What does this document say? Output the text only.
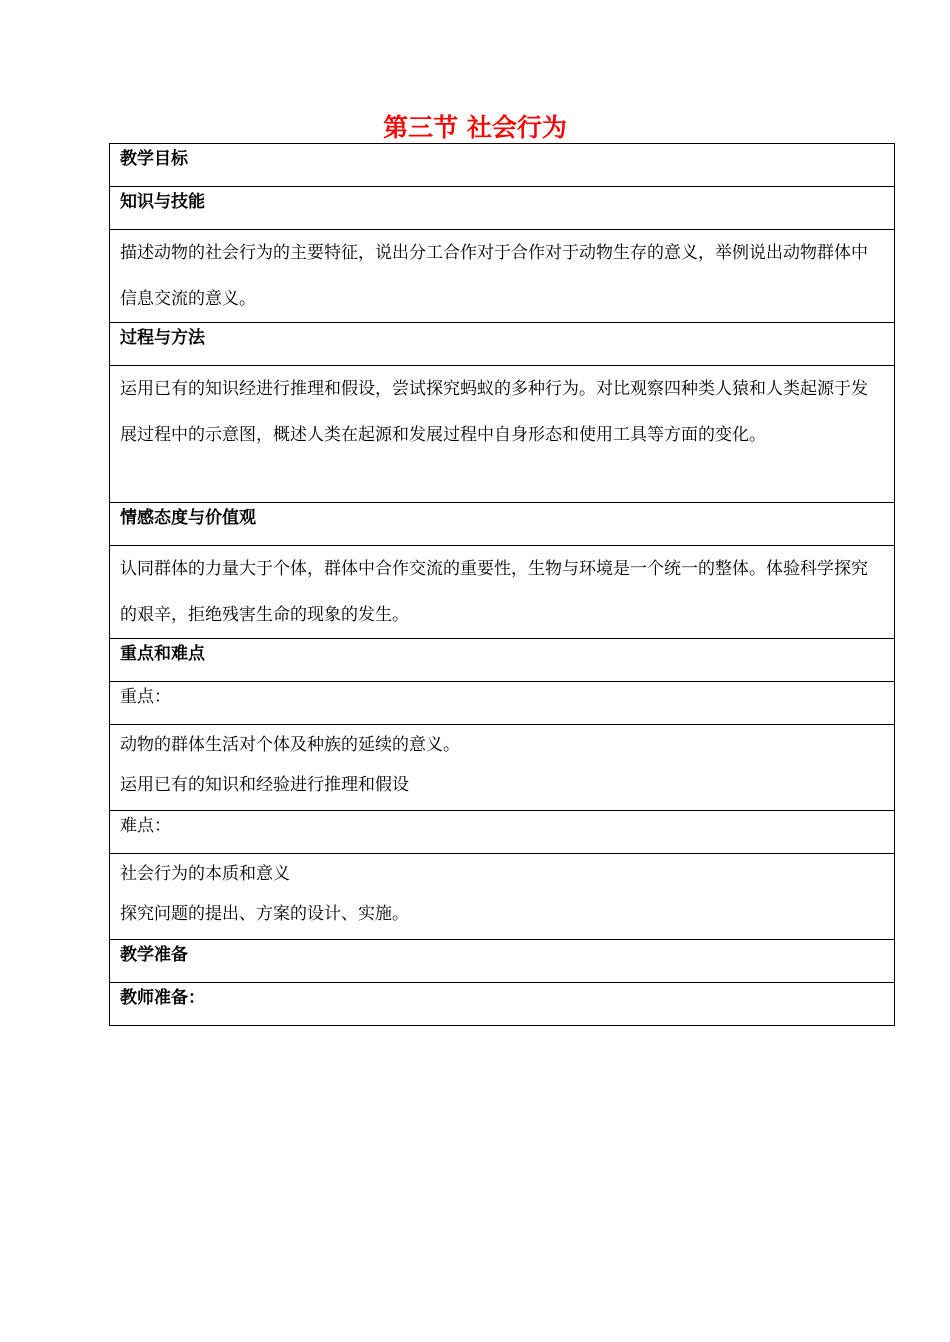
第三节 社会行为
教学目标
知识与技能
描述动物的社会行为的主要特征，说出分工合作对于合作对于动物生存的意义，举例说出动物群体中信息交流的意义。
过程与方法
运用已有的知识经进行推理和假设，尝试探究蚂蚁的多种行为。对比观察四种类人猿和人类起源于发展过程中的示意图，概述人类在起源和发展过程中自身形态和使用工具等方面的变化。
情感态度与价值观
认同群体的力量大于个体，群体中合作交流的重要性，生物与环境是一个统一的整体。体验科学探究的艰辛，拒绝残害生命的现象的发生。
重点和难点
重点：

动物的群体生活对个体及种族的延续的意义。
运用已有的知识和经验进行推理和假设

难点：

社会行为的本质和意义
探究问题的提出、方案的设计、实施。

教学准备
教师准备：
